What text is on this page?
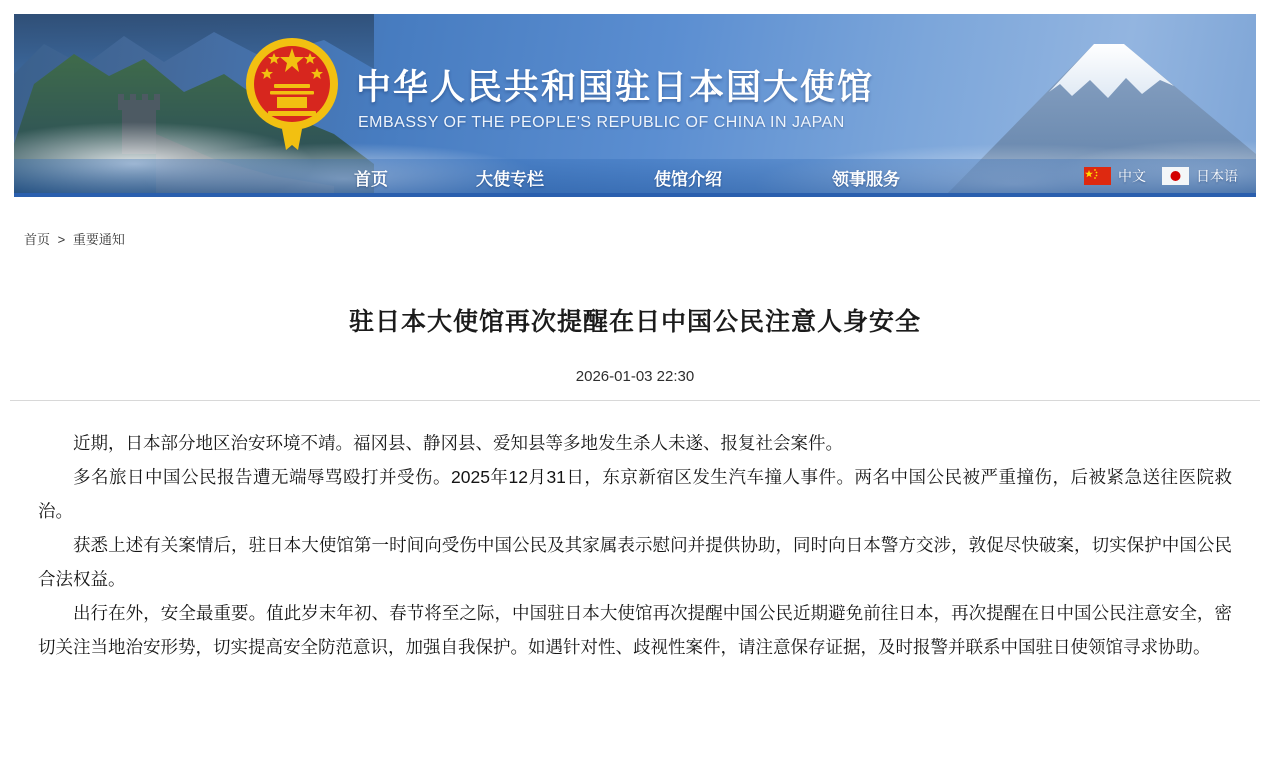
中华人民共和国驻日本国大使馆
EMBASSY OF THE PEOPLE'S REPUBLIC OF CHINA IN JAPAN
首页	大使专栏	使馆介绍	领事服务	中文	日本语
首页 > 重要通知
驻日本大使馆再次提醒在日中国公民注意人身安全
2026-01-03 22:30

近期，日本部分地区治安环境不靖。福冈县、静冈县、爱知县等多地发生杀人未遂、报复社会案件。

多名旅日中国公民报告遭无端辱骂殴打并受伤。2025年12月31日，东京新宿区发生汽车撞人事件。两名中国公民被严重撞伤，后被紧急送往医院救治。

获悉上述有关案情后，驻日本大使馆第一时间向受伤中国公民及其家属表示慰问并提供协助，同时向日本警方交涉，敦促尽快破案，切实保护中国公民合法权益。

出行在外，安全最重要。值此岁末年初、春节将至之际，中国驻日本大使馆再次提醒中国公民近期避免前往日本，再次提醒在日中国公民注意安全，密切关注当地治安形势，切实提高安全防范意识，加强自我保护。如遇针对性、歧视性案件，请注意保存证据，及时报警并联系中国驻日使领馆寻求协助。
